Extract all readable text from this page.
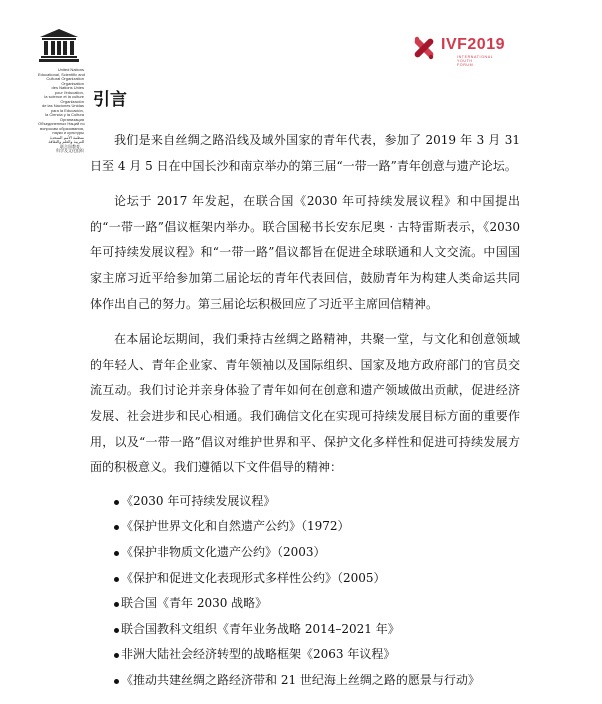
United Nations
Educational, Scientific and
Cultural Organization
Organisation
des Nations Unies
pour l'éducation,
la science et la culture
Organización
de las Naciones Unidas
para la Educación,
la Ciencia y la Cultura
Организация
Объединенных Наций по
вопросам образования,
науки и культуры
منظمة الأمم المتحدة
للتربية والعلم والثقافة
联合国教育、
科学及文化组织
IVF2019
INTERNATIONAL
YOUTH
FORUM
引言

我们是来自丝绸之路沿线及域外国家的青年代表，参加了 2019 年 3 月 31 日至 4 月 5 日在中国长沙和南京举办的第三届“一带一路”青年创意与遗产论坛。

论坛于 2017 年发起，在联合国《2030 年可持续发展议程》和中国提出的“一带一路”倡议框架内举办。联合国秘书长安东尼奥 · 古特雷斯表示，《2030 年可持续发展议程》和“一带一路”倡议都旨在促进全球联通和人文交流。中国国家主席习近平给参加第二届论坛的青年代表回信，鼓励青年为构建人类命运共同体作出自己的努力。第三届论坛积极回应了习近平主席回信精神。

在本届论坛期间，我们秉持古丝绸之路精神，共聚一堂，与文化和创意领域的年轻人、青年企业家、青年领袖以及国际组织、国家及地方政府部门的官员交流互动。我们讨论并亲身体验了青年如何在创意和遗产领域做出贡献，促进经济发展、社会进步和民心相通。我们确信文化在实现可持续发展目标方面的重要作用，以及“一带一路”倡议对维护世界和平、保护文化多样性和促进可持续发展方面的积极意义。我们遵循以下文件倡导的精神：

《2030 年可持续发展议程》
《保护世界文化和自然遗产公约》（1972）
《保护非物质文化遗产公约》（2003）
《保护和促进文化表现形式多样性公约》（2005）
联合国《青年 2030 战略》
联合国教科文组织《青年业务战略 2014–2021 年》
非洲大陆社会经济转型的战略框架《2063 年议程》
《推动共建丝绸之路经济带和 21 世纪海上丝绸之路的愿景与行动》
